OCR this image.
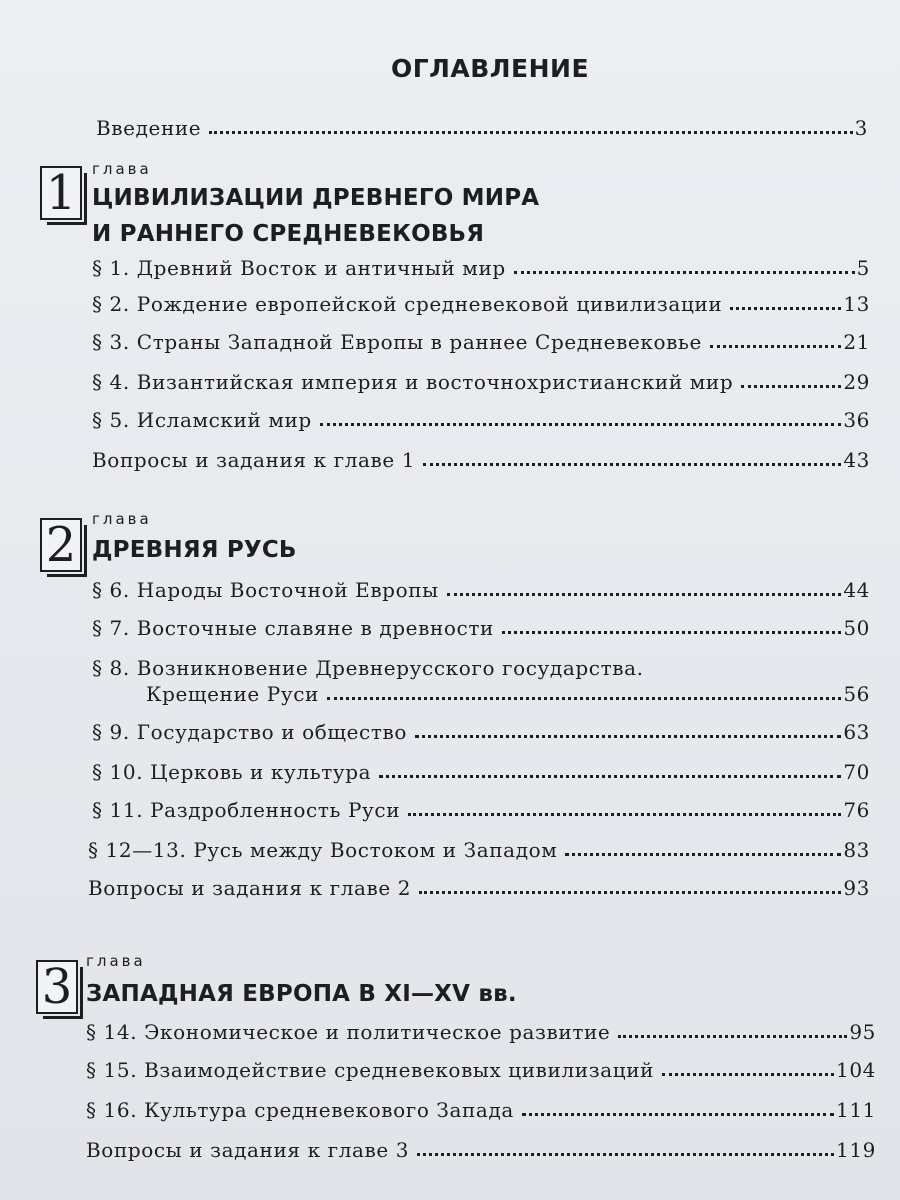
ОГЛАВЛЕНИЕ
Введение	3
1	глава
ЦИВИЛИЗАЦИИ ДРЕВНЕГО МИРА
И РАННЕГО СРЕДНЕВЕКОВЬЯ
§ 1. Древний Восток и античный мир	5
§ 2. Рождение европейской средневековой цивилизации	13
§ 3. Страны Западной Европы в раннее Средневековье	21
§ 4. Византийская империя и восточнохристианский мир	29
§ 5. Исламский мир	36
Вопросы и задания к главе 1	43
2	глава
ДРЕВНЯЯ РУСЬ
§ 6. Народы Восточной Европы	44
§ 7. Восточные славяне в древности	50
§ 8. Возникновение Древнерусского государства.
Крещение Руси	56
§ 9. Государство и общество	63
§ 10. Церковь и культура	70
§ 11. Раздробленность Руси	76
§ 12—13. Русь между Востоком и Западом	83
Вопросы и задания к главе 2	93
3 глава
ЗАПАДНАЯ ЕВРОПА В XI—XV вв.
§ 14. Экономическое и политическое развитие	95
§ 15. Взаимодействие средневековых цивилизаций	104
§ 16. Культура средневекового Запада	111
Вопросы и задания к главе 3	119
